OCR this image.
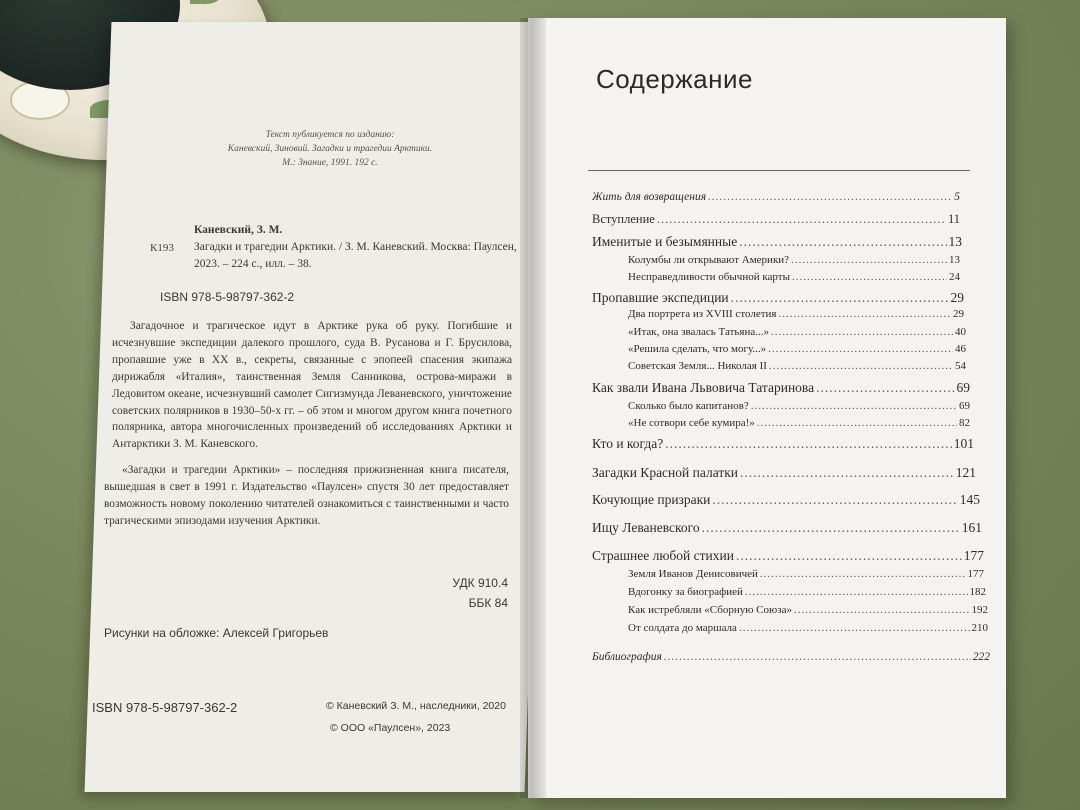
Текст публикуется по изданию:
Каневский, Зиновий. Загадки и трагедии Арктики.
М.: Знание, 1991. 192 с.
К193
Каневский, З. М.
Загадки и трагедии Арктики. / З. М. Каневский. Москва: Паулсен, 2023. – 224 с., илл. – 38.
ISBN 978-5-98797-362-2
Загадочное и трагическое идут в Арктике рука об руку. Погибшие и исчезнувшие экспедиции далекого прошлого, суда В. Русанова и Г. Брусилова, пропавшие уже в XX в., секреты, связанные с эпопеей спасения экипажа дирижабля «Италия», таинственная Земля Санникова, острова-миражи в Ледовитом океане, исчезнувший самолет Сигизмунда Леваневского, уничтожение советских полярников в 1930–50-х гг. – об этом и многом другом книга почетного полярника, автора многочисленных произведений об исследованиях Арктики и Антарктики З. М. Каневского.
«Загадки и трагедии Арктики» – последняя прижизненная книга писателя, вышедшая в свет в 1991 г. Издательство «Паулсен» спустя 30 лет предоставляет возможность новому поколению читателей ознакомиться с таинственными и часто трагическими эпизодами изучения Арктики.
УДК 910.4
ББК 84
Рисунки на обложке: Алексей Григорьев
ISBN 978-5-98797-362-2	© Каневский З. М., наследники, 2020
© ООО «Паулсен», 2023
Содержание
Жить для возвращения .....	5
Вступление .....	11
Именитые и безымянные .....	13
Колумбы ли открывают Америки? .....	13
Несправедливости обычной карты .....	24
Пропавшие экспедиции .....	29
Два портрета из XVIII столетия .....	29
«Итак, она звалась Татьяна...» .....	40
«Решила сделать, что могу...» .....	46
Советская Земля... Николая II .....	54
Как звали Ивана Львовича Татаринова .....	69
Сколько было капитанов? .....	69
«Не сотвори себе кумира!» .....	82
Кто и когда? .....	101
Загадки Красной палатки .....	121
Кочующие призраки .....	145
Ищу Леваневского .....	161
Страшнее любой стихии .....	177
Земля Иванов Денисовичей .....	177
Вдогонку за биографией .....	182
Как истребляли «Сборную Союза» .....	192
От солдата до маршала .....	210
Библиография .....	222
